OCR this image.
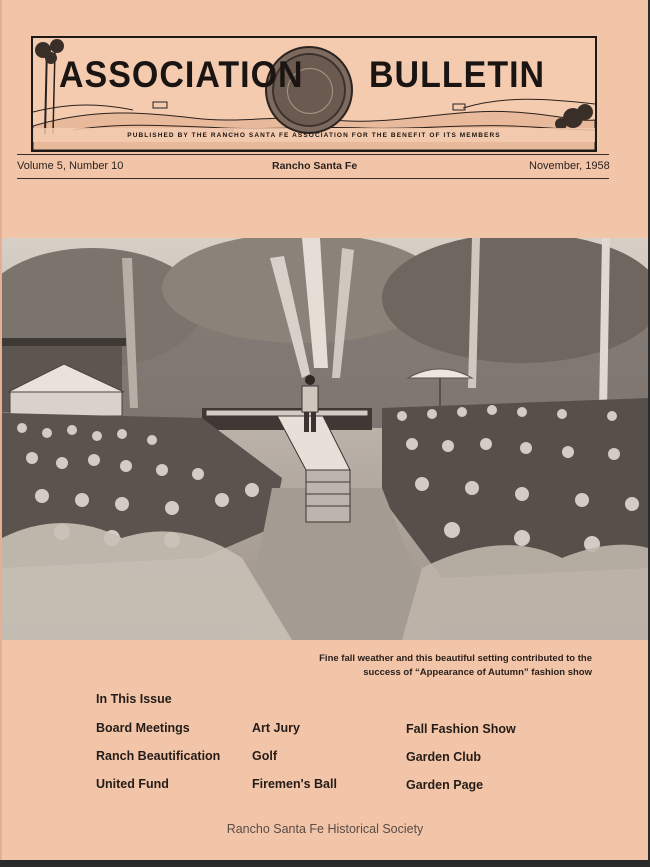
ASSOCIATION BULLETIN
PUBLISHED BY THE RANCHO SANTA FE ASSOCIATION FOR THE BENEFIT OF ITS MEMBERS
Volume 5, Number 10	Rancho Santa Fe	November, 1958
Fine fall weather and this beautiful setting contributed to the
success of “Appearance of Autumn” fashion show
In This Issue
Board Meetings
Ranch Beautification
United Fund
Art Jury
Golf
Firemen's Ball
Fall Fashion Show
Garden Club
Garden Page
Rancho Santa Fe Historical Society
